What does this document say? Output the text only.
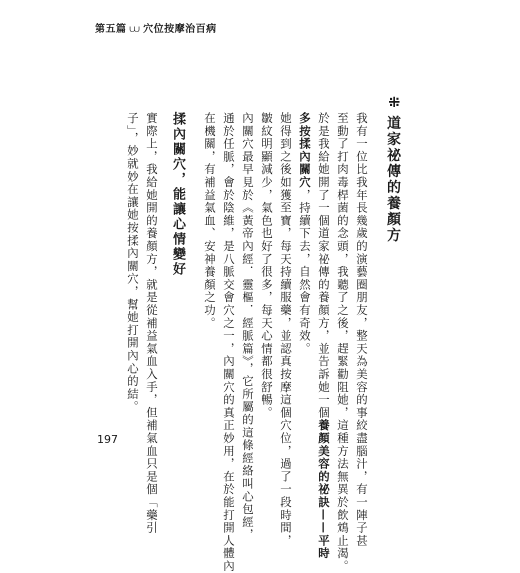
第五篇 ⩊ 穴位按摩治百病
⁜道家祕傳的養顏方
我有一位比我年長幾歲的演藝圈朋友，整天為美容的事絞盡腦汁，有一陣子甚
至動了打肉毒桿菌的念頭，我聽了之後，趕緊勸阻她，這種方法無異於飲鴆止渴。
於是我給她開了一個道家祕傳的養顏方，並告訴她一個養顏美容的祕訣——平時
多按揉內關穴，持續下去，自然會有奇效。
她得到之後如獲至寶，每天持續服藥，並認真按摩這個穴位，過了一段時間，
皺紋明顯減少，氣色也好了很多，每天心情都很舒暢。
內關穴最早見於《黃帝內經．靈樞．經脈篇》，它所屬的這條經絡叫心包經，
通於任脈，會於陰維，是八脈交會穴之一，內關穴的真正妙用，在於能打開人體內
在機關，有補益氣血、安神養顏之功。
揉內關穴，能讓心情變好
實際上，我給她開的養顏方，就是從補益氣血入手，但補氣血只是個「藥引
子」，妙就妙在讓她按揉內關穴，幫她打開內心的結。
197
